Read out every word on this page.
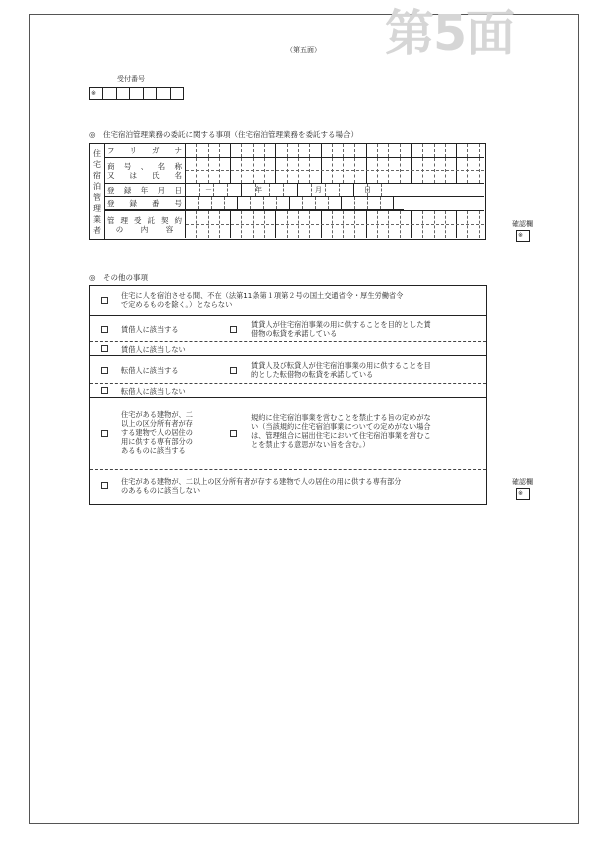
第5面
（第五面）
受付番号
※
◎　住宅宿泊管理業務の委託に関する事項（住宅宿泊管理業務を委託する場合）
住
宅
宿
泊
管
理
業
者
フ リ ガ ナ
商 号 、 名 称
又 は 氏 名
登 録 年 月 日	－	年	月	日
登 録 番 号
管 理 受 託 契 約
の 内 容
確認欄
※
◎　その他の事項
住宅に人を宿泊させる間、不在（法第11条第１項第２号の国土交通省令・厚生労働省令
で定めるものを除く。）とならない
賃借人に該当する
賃貸人が住宅宿泊事業の用に供することを目的とした賃
借物の転貸を承諾している
賃借人に該当しない
転借人に該当する
賃貸人及び転貸人が住宅宿泊事業の用に供することを目
的とした転借物の転貸を承諾している
転借人に該当しない
住宅がある建物が、二
以上の区分所有者が存
する建物で人の居住の
用に供する専有部分の
あるものに該当する
規約に住宅宿泊事業を営むことを禁止する旨の定めがな
い（当該規約に住宅宿泊事業についての定めがない場合
は、管理組合に届出住宅において住宅宿泊事業を営むこ
とを禁止する意思がない旨を含む。）
住宅がある建物が、二以上の区分所有者が存する建物で人の居住の用に供する専有部分
のあるものに該当しない
確認欄
※
